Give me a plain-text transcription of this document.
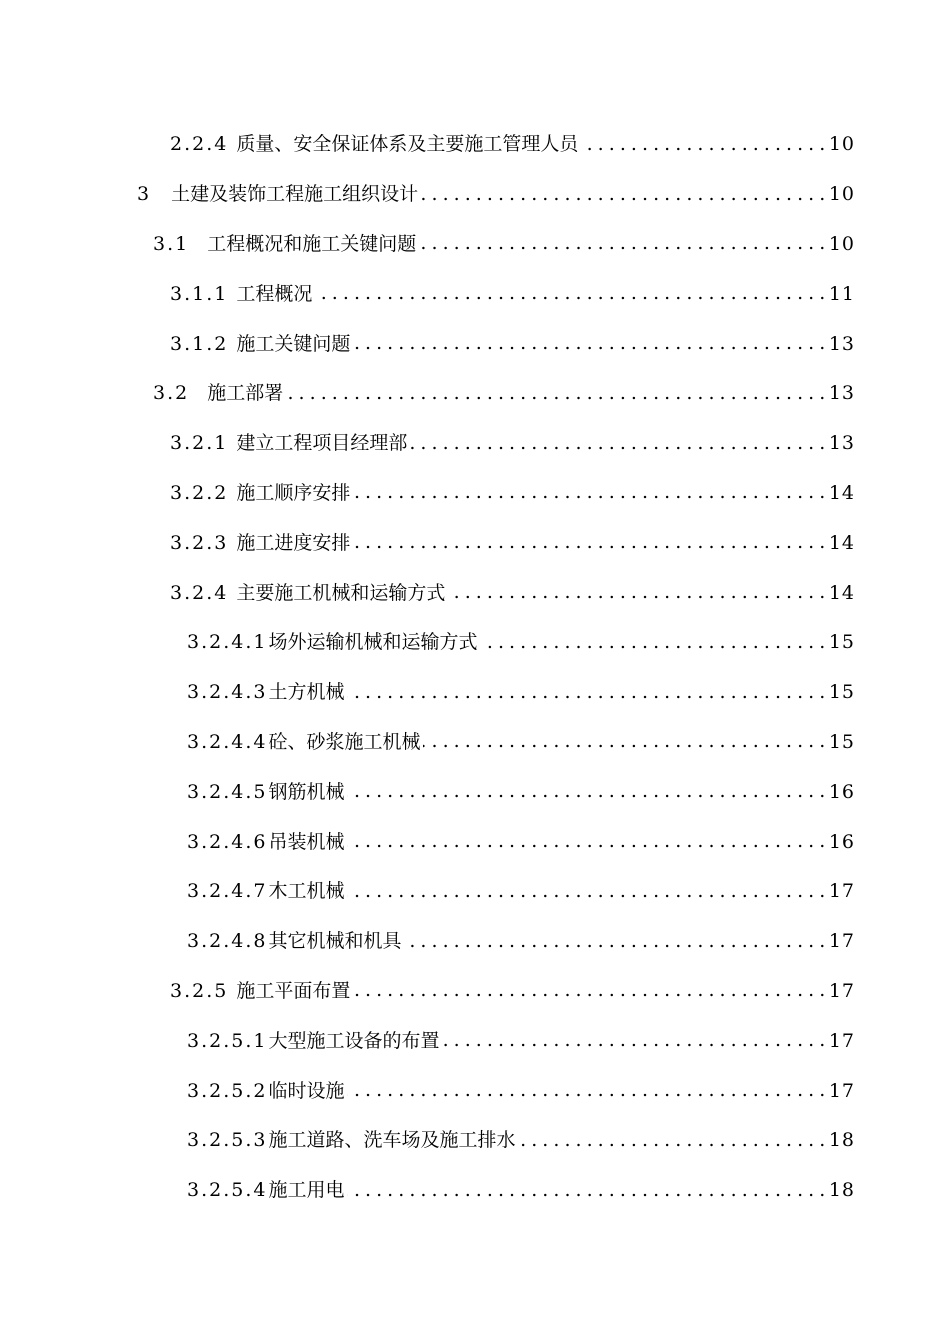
2.2.4 质量、安全保证体系及主要施工管理人员 . . .	10
3 土建及装饰工程施工组织设计 . . .	10
3.1 工程概况和施工关键问题 . . .	10
3.1.1 工程概况 . . .	11
3.1.2 施工关键问题 . . .	13
3.2 施工部署 . . .	13
3.2.1 建立工程项目经理部 . . .	13
3.2.2 施工顺序安排 . . .	14
3.2.3 施工进度安排 . . .	14
3.2.4 主要施工机械和运输方式 . . .	14
3.2.4.1 场外运输机械和运输方式 . . .	15
3.2.4.3 土方机械 . . .	15
3.2.4.4 砼、砂浆施工机械 . . .	15
3.2.4.5 钢筋机械 . . .	16
3.2.4.6 吊装机械 . . .	16
3.2.4.7 木工机械 . . .	17
3.2.4.8 其它机械和机具 . . .	17
3.2.5 施工平面布置 . . .	17
3.2.5.1 大型施工设备的布置 . . .	17
3.2.5.2 临时设施 . . .	17
3.2.5.3 施工道路、洗车场及施工排水 . . .	18
3.2.5.4 施工用电 . . .	18
